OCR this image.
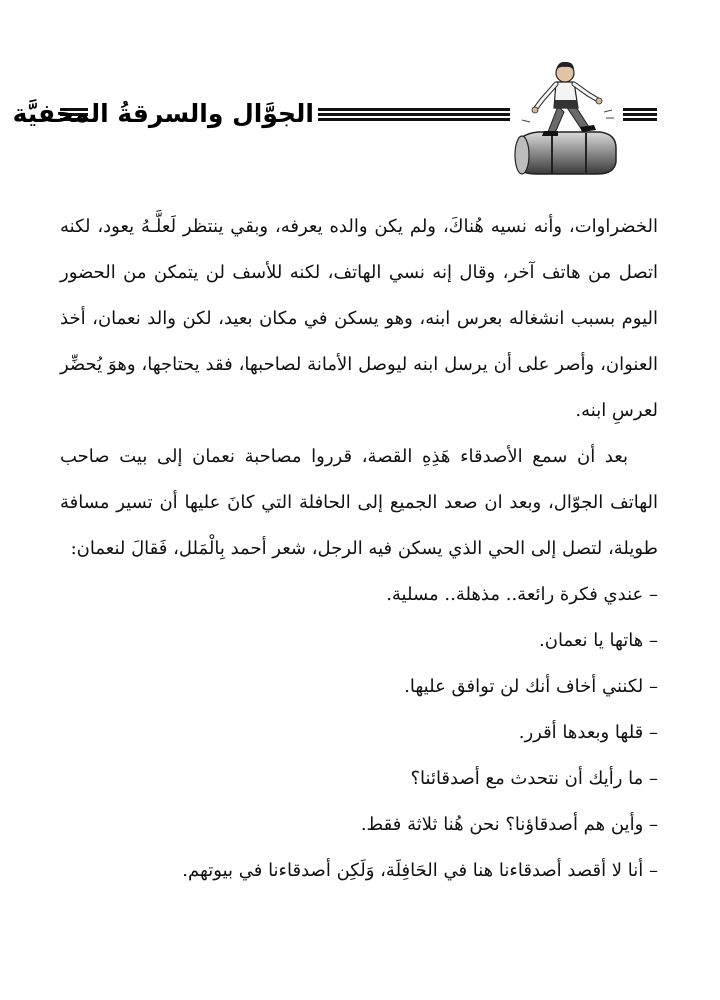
الجوَّال والسرقةُ المخفيَّة

الخضراوات، وأنه نسيه هُناكَ، ولم يكن والده يعرفه، وبقي ينتظر لَعلَّـهُ يعود، لكنه اتصل من هاتف آخر، وقال إنه نسي الهاتف، لكنه للأسف لن يتمكن من الحضور اليوم بسبب انشغاله بعرس ابنه، وهو يسكن في مكان بعيد، لكن والد نعمان، أخذ العنوان، وأصر على أن يرسل ابنه ليوصل الأمانة لصاحبها، فقد يحتاجها، وهوَ يُحضِّر لعرسِ ابنه.

بعد أن سمع الأصدقاء هَذِهِ القصة، قرروا مصاحبة نعمان إلى بيت صاحب الهاتف الجوّال، وبعد ان صعد الجميع إلى الحافلة التي كانَ عليها أن تسير مسافة طويلة، لتصل إلى الحي الذي يسكن فيه الرجل، شعر أحمد بِالْمَلل، فَقالَ لنعمان:

– عندي فكرة رائعة.. مذهلة.. مسلية.
– هاتها يا نعمان.
– لكنني أخاف أنك لن توافق عليها.
– قلها وبعدها أقرر.
– ما رأيك أن نتحدث مع أصدقائنا؟
– وأين هم أصدقاؤنا؟ نحن هُنا ثلاثة فقط.
– أنا لا أقصد أصدقاءنا هنا في الحَافِلَة، وَلَكِن أصدقاءنا في بيوتهم.
